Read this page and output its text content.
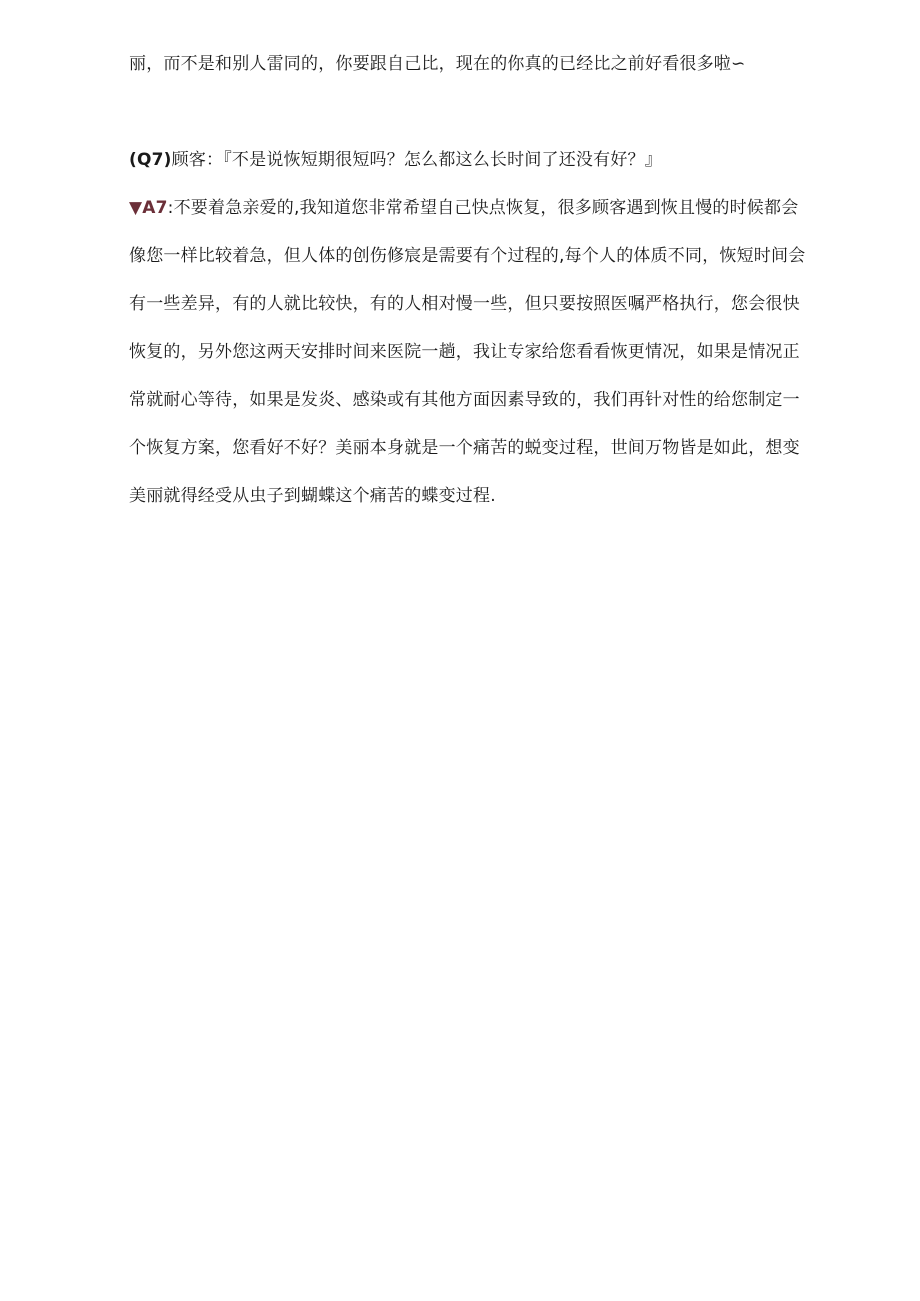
丽，而不是和别人雷同的，你要跟自己比，现在的你真的已经比之前好看很多啦∽
(Q7)顾客：『不是说恢短期很短吗？怎么都这么长时间了还没有好？』
▼A7:不要着急亲爱的,我知道您非常希望自己快点恢复，很多顾客遇到恢且慢的时候都会
像您一样比较着急，但人体的创伤修宸是需要有个过程的,每个人的体质不同，恢短时间会
有一些差异，有的人就比较快，有的人相对慢一些，但只要按照医嘱严格执行，您会很快
恢复的，另外您这两天安排时间来医院一趟，我让专家给您看看恢更情况，如果是情况正
常就耐心等待，如果是发炎、感染或有其他方面因素导致的，我们再针对性的给您制定一
个恢复方案，您看好不好？美丽本身就是一个痛苦的蜕变过程，世间万物皆是如此，想变
美丽就得经受从虫子到蝴蝶这个痛苦的蝶变过程.
